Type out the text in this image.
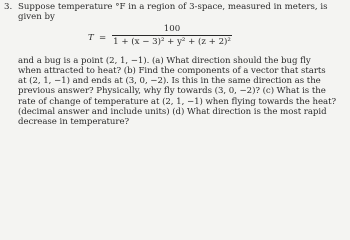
3. Suppose temperature °F in a region of 3-space, measured in meters, is
given by
T =
100
1 + (x − 3)² + y² + (z + 2)²
and a bug is a point (2, 1, −1). (a) What direction should the bug fly
when attracted to heat? (b) Find the components of a vector that starts
at (2, 1, −1) and ends at (3, 0, −2). Is this in the same direction as the
previous answer? Physically, why fly towards (3, 0, −2)? (c) What is the
rate of change of temperature at (2, 1, −1) when flying towards the heat?
(decimal answer and include units) (d) What direction is the most rapid
decrease in temperature?
